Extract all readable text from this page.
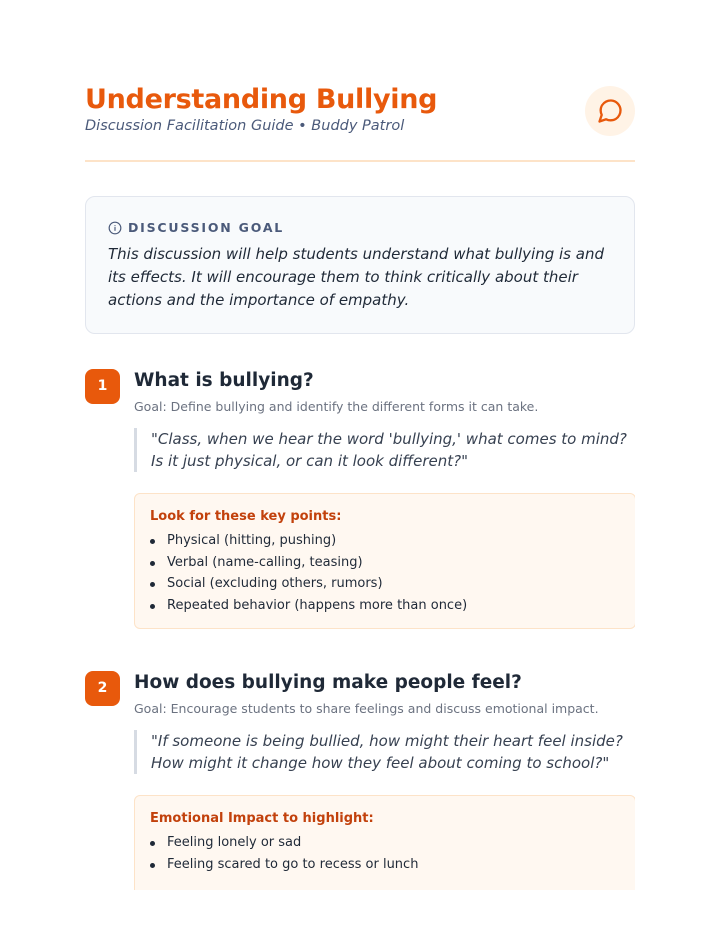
Understanding Bullying
Discussion Facilitation Guide • Buddy Patrol
DISCUSSION GOAL

This discussion will help students understand what bullying is and its effects. It will encourage them to think critically about their actions and the importance of empathy.

1	What is bullying?
Goal: Define bullying and identify the different forms it can take.
"Class, when we hear the word 'bullying,' what comes to mind? Is it just physical, or can it look different?"
Look for these key points:
Physical (hitting, pushing)
Verbal (name-calling, teasing)
Social (excluding others, rumors)
Repeated behavior (happens more than once)
2	How does bullying make people feel?
Goal: Encourage students to share feelings and discuss emotional impact.
"If someone is being bullied, how might their heart feel inside? How might it change how they feel about coming to school?"
Emotional Impact to highlight:
Feeling lonely or sad
Feeling scared to go to recess or lunch
